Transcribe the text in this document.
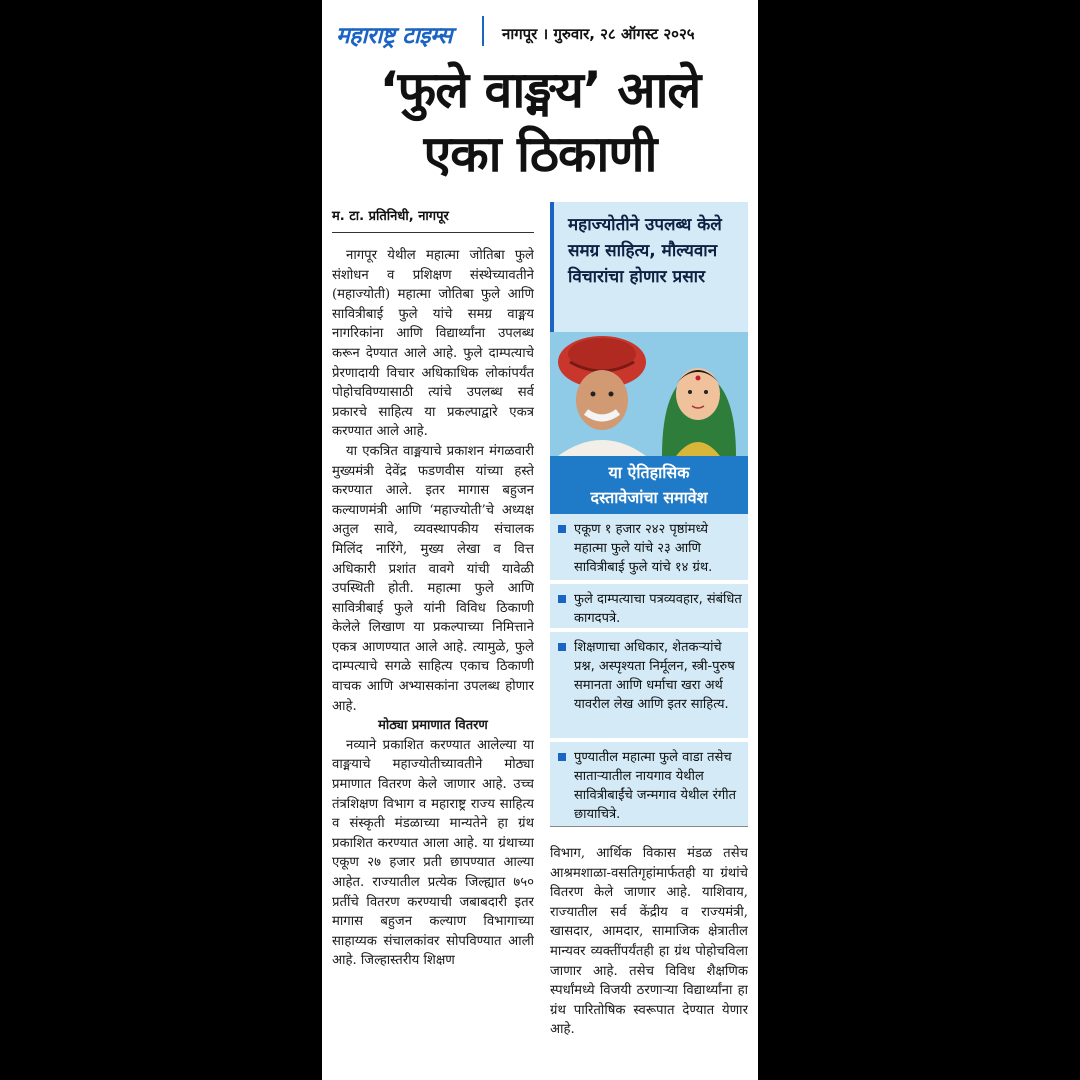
महाराष्ट्र टाइम्स	नागपूर । गुरुवार, २८ ऑगस्ट २०२५
‘फुले वाङ्मय’ आले
एका ठिकाणी
म. टा. प्रतिनिधी, नागपूर

नागपूर येथील महात्मा जोतिबा फुले संशोधन व प्रशिक्षण संस्थेच्यावतीने (महाज्योती) महात्मा जोतिबा फुले आणि सावित्रीबाई फुले यांचे समग्र वाङ्मय नागरिकांना आणि विद्यार्थ्यांना उपलब्ध करून देण्यात आले आहे. फुले दाम्पत्याचे प्रेरणादायी विचार अधिकाधिक लोकांपर्यंत पोहोचविण्यासाठी त्यांचे उपलब्ध सर्व प्रकारचे साहित्य या प्रकल्पाद्वारे एकत्र करण्यात आले आहे.

या एकत्रित वाङ्मयाचे प्रकाशन मंगळवारी मुख्यमंत्री देवेंद्र फडणवीस यांच्या हस्ते करण्यात आले. इतर मागास बहुजन कल्याणमंत्री आणि ‘महाज्योती’चे अध्यक्ष अतुल सावे, व्यवस्थापकीय संचालक मिलिंद नारिंगे, मुख्य लेखा व वित्त अधिकारी प्रशांत वावगे यांची यावेळी उपस्थिती होती. महात्मा फुले आणि सावित्रीबाई फुले यांनी विविध ठिकाणी केलेले लिखाण या प्रकल्पाच्या निमित्ताने एकत्र आणण्यात आले आहे. त्यामुळे, फुले दाम्पत्याचे सगळे साहित्य एकाच ठिकाणी वाचक आणि अभ्यासकांना उपलब्ध होणार आहे.

मोठ्या प्रमाणात वितरण

नव्याने प्रकाशित करण्यात आलेल्या या वाङ्मयाचे महाज्योतीच्यावतीने मोठ्या प्रमाणात वितरण केले जाणार आहे. उच्च तंत्रशिक्षण विभाग व महाराष्ट्र राज्य साहित्य व संस्कृती मंडळाच्या मान्यतेने हा ग्रंथ प्रकाशित करण्यात आला आहे. या ग्रंथाच्या एकूण २७ हजार प्रती छापण्यात आल्या आहेत. राज्यातील प्रत्येक जिल्ह्यात ७५० प्रतींचे वितरण करण्याची जबाबदारी इतर मागास बहुजन कल्याण विभागाच्या साहाय्यक संचालकांवर सोपविण्यात आली आहे. जिल्हास्तरीय शिक्षण

महाज्योतीने उपलब्ध केले समग्र साहित्य, मौल्यवान विचारांचा होणार प्रसार
या ऐतिहासिक
दस्तावेजांचा समावेश
एकूण १ हजार २४२ पृष्ठांमध्ये महात्मा फुले यांचे २३ आणि सावित्रीबाई फुले यांचे १४ ग्रंथ.
फुले दाम्पत्याचा पत्रव्यवहार, संबंधित कागदपत्रे.
शिक्षणाचा अधिकार, शेतकऱ्यांचे प्रश्न, अस्पृश्यता निर्मूलन, स्त्री-पुरुष समानता आणि धर्माचा खरा अर्थ यावरील लेख आणि इतर साहित्य.
पुण्यातील महात्मा फुले वाडा तसेच साताऱ्यातील नायगाव येथील सावित्रीबाईंचे जन्मगाव येथील रंगीत छायाचित्रे.

विभाग, आर्थिक विकास मंडळ तसेच आश्रमशाळा-वसतिगृहांमार्फतही या ग्रंथांचे वितरण केले जाणार आहे. याशिवाय, राज्यातील सर्व केंद्रीय व राज्यमंत्री, खासदार, आमदार, सामाजिक क्षेत्रातील मान्यवर व्यक्तींपर्यंतही हा ग्रंथ पोहोचविला जाणार आहे. तसेच विविध शैक्षणिक स्पर्धांमध्ये विजयी ठरणाऱ्या विद्यार्थ्यांना हा ग्रंथ पारितोषिक स्वरूपात देण्यात येणार आहे.
